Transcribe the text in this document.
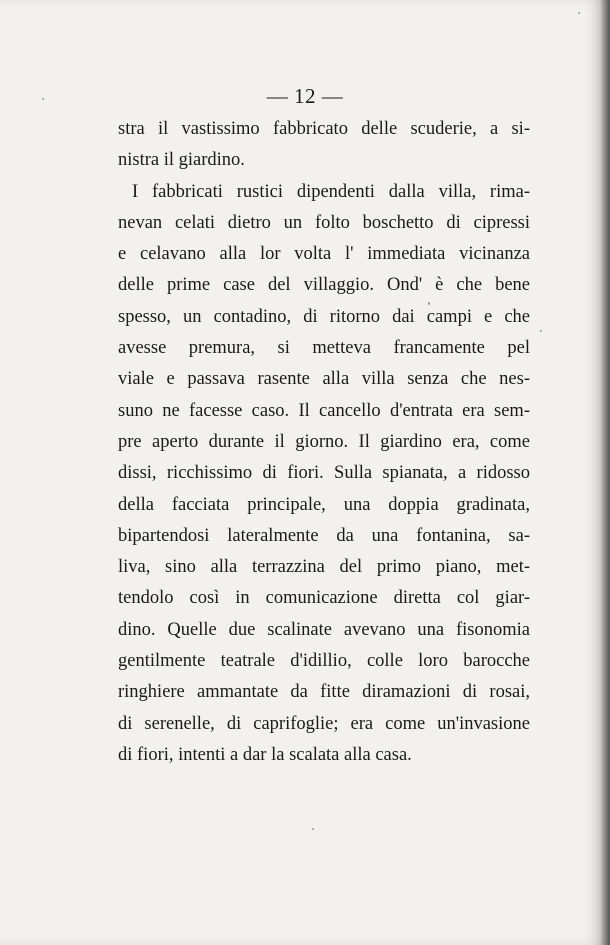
— 12 —
stra il vastissimo fabbricato delle scuderie, a si-
nistra il giardino.
I fabbricati rustici dipendenti dalla villa, rima-
nevan celati dietro un folto boschetto di cipressi
e celavano alla lor volta l' immediata vicinanza
delle prime case del villaggio. Ond' è che bene
spesso, un contadino, di ritorno dai campi e che
avesse premura, si metteva francamente pel
viale e passava rasente alla villa senza che nes-
suno ne facesse caso. Il cancello d'entrata era sem-
pre aperto durante il giorno. Il giardino era, come
dissi, ricchissimo di fiori. Sulla spianata, a ridosso
della facciata principale, una doppia gradinata,
bipartendosi lateralmente da una fontanina, sa-
liva, sino alla terrazzina del primo piano, met-
tendolo così in comunicazione diretta col giar-
dino. Quelle due scalinate avevano una fisonomia
gentilmente teatrale d'idillio, colle loro barocche
ringhiere ammantate da fitte diramazioni di rosai,
di serenelle, di caprifoglie; era come un'invasione
di fiori, intenti a dar la scalata alla casa.
